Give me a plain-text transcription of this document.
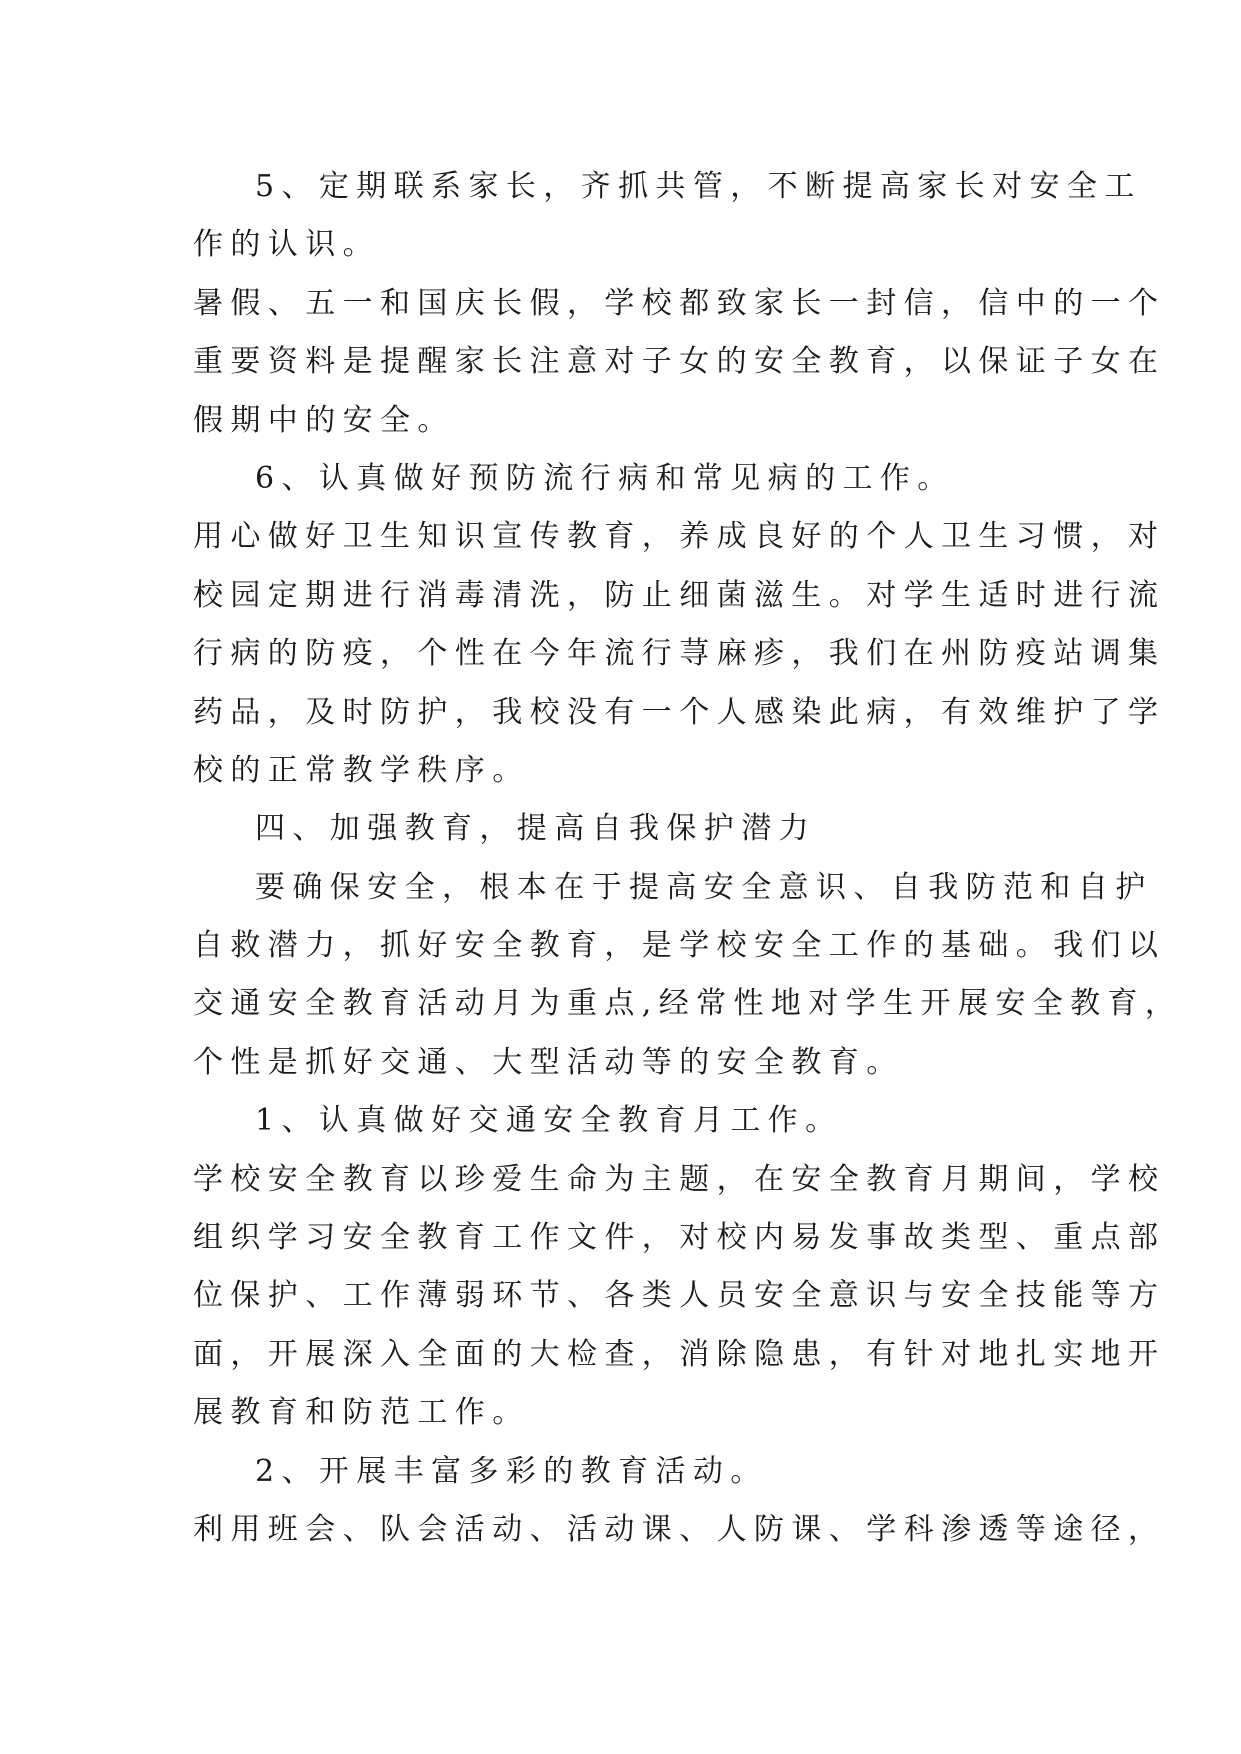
5、定期联系家长，齐抓共管，不断提高家长对安全工
作的认识。
暑假、五一和国庆长假，学校都致家长一封信，信中的一个
重要资料是提醒家长注意对子女的安全教育，以保证子女在
假期中的安全。
6、认真做好预防流行病和常见病的工作。
用心做好卫生知识宣传教育，养成良好的个人卫生习惯，对
校园定期进行消毒清洗，防止细菌滋生。对学生适时进行流
行病的防疫，个性在今年流行荨麻疹，我们在州防疫站调集
药品，及时防护，我校没有一个人感染此病，有效维护了学
校的正常教学秩序。
四、加强教育，提高自我保护潜力
要确保安全，根本在于提高安全意识、自我防范和自护
自救潜力，抓好安全教育，是学校安全工作的基础。我们以
交通安全教育活动月为重点,经常性地对学生开展安全教育，
个性是抓好交通、大型活动等的安全教育。
1、认真做好交通安全教育月工作。
学校安全教育以珍爱生命为主题，在安全教育月期间，学校
组织学习安全教育工作文件，对校内易发事故类型、重点部
位保护、工作薄弱环节、各类人员安全意识与安全技能等方
面，开展深入全面的大检查，消除隐患，有针对地扎实地开
展教育和防范工作。
2、开展丰富多彩的教育活动。
利用班会、队会活动、活动课、人防课、学科渗透等途径，
